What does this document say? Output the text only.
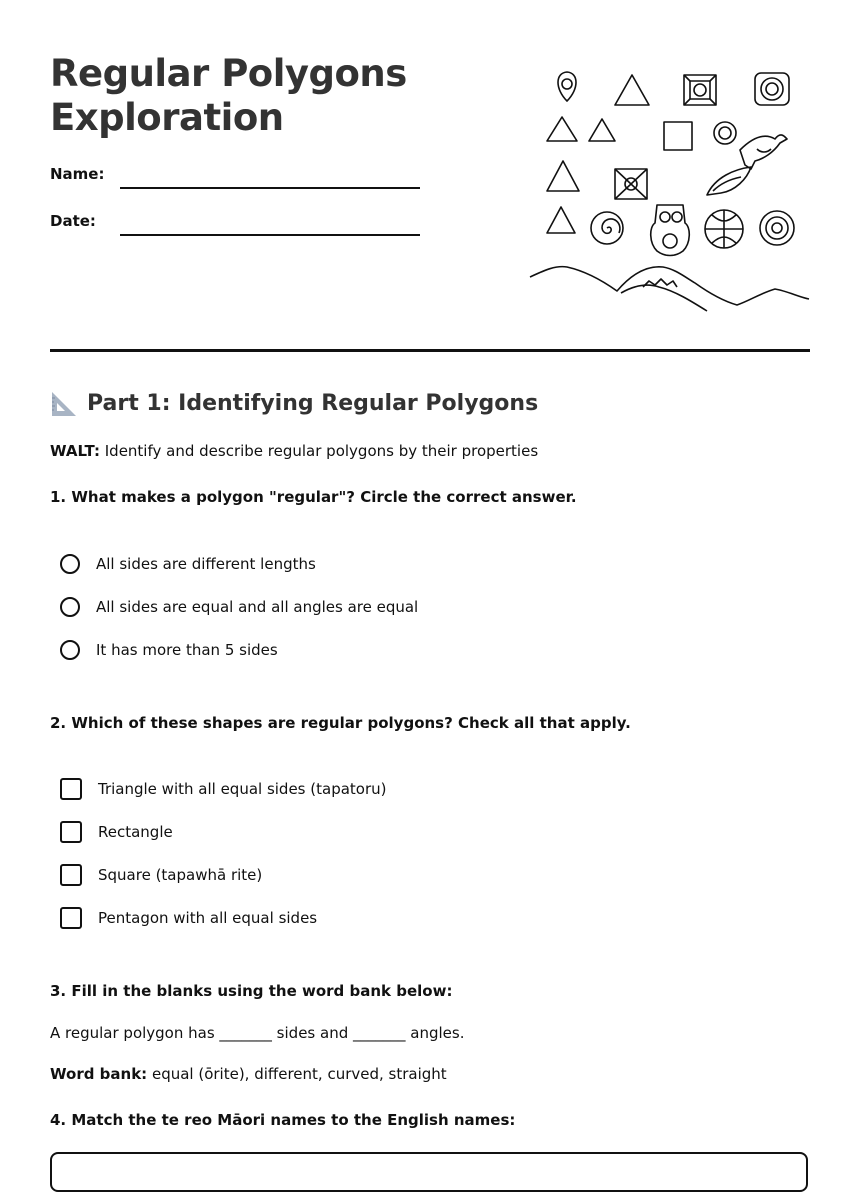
Regular Polygons
Exploration
Name:
Date:
Part 1: Identifying Regular Polygons
WALT: Identify and describe regular polygons by their properties
1. What makes a polygon "regular"? Circle the correct answer.
All sides are different lengths
All sides are equal and all angles are equal
It has more than 5 sides
2. Which of these shapes are regular polygons? Check all that apply.
Triangle with all equal sides (tapatoru)
Rectangle
Square (tapawhā rite)
Pentagon with all equal sides
3. Fill in the blanks using the word bank below:
A regular polygon has _______ sides and _______ angles.
Word bank: equal (ōrite), different, curved, straight
4. Match the te reo Māori names to the English names:
